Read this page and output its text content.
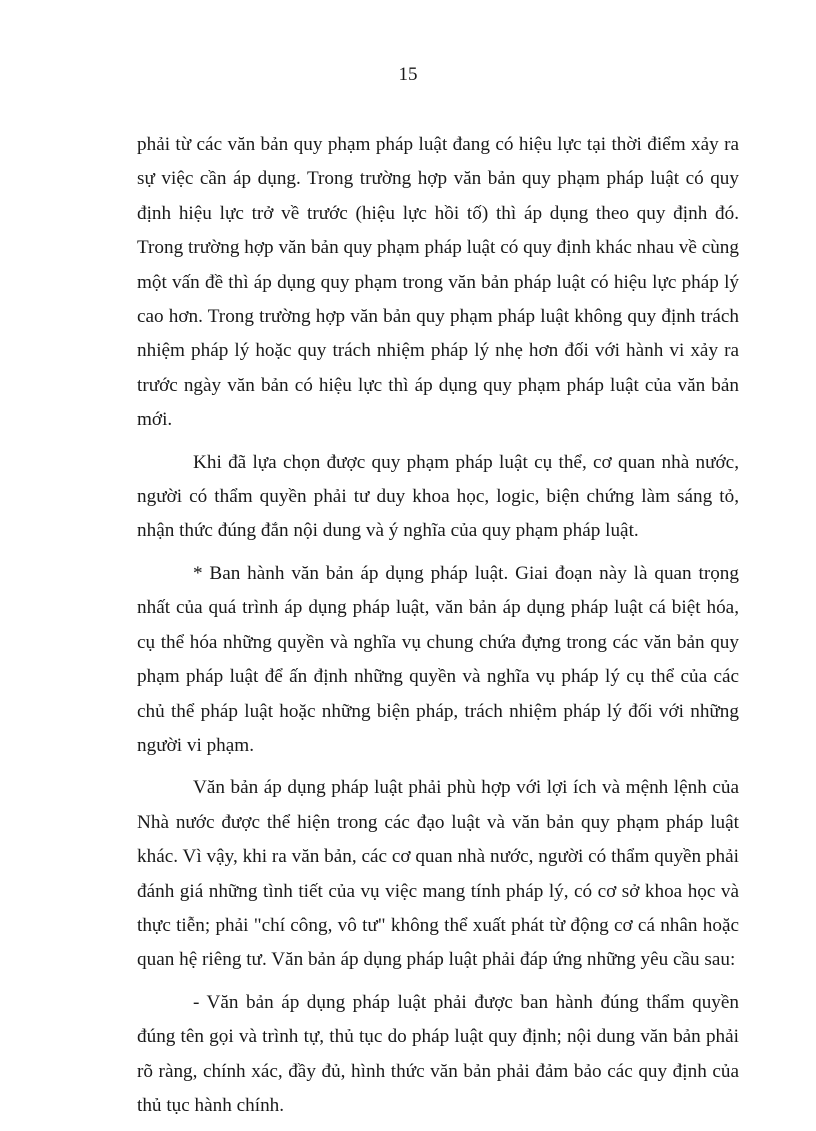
15

phải từ các văn bản quy phạm pháp luật đang có hiệu lực tại thời điểm xảy ra sự việc cần áp dụng. Trong trường hợp văn bản quy phạm pháp luật có quy định hiệu lực trở về trước (hiệu lực hồi tố) thì áp dụng theo quy định đó. Trong trường hợp văn bản quy phạm pháp luật có quy định khác nhau về cùng một vấn đề thì áp dụng quy phạm trong văn bản pháp luật có hiệu lực pháp lý cao hơn. Trong trường hợp văn bản quy phạm pháp luật không quy định trách nhiệm pháp lý hoặc quy trách nhiệm pháp lý nhẹ hơn đối với hành vi xảy ra trước ngày văn bản có hiệu lực thì áp dụng quy phạm pháp luật của văn bản mới.

Khi đã lựa chọn được quy phạm pháp luật cụ thể, cơ quan nhà nước, người có thẩm quyền phải tư duy khoa học, logic, biện chứng làm sáng tỏ, nhận thức đúng đắn nội dung và ý nghĩa của quy phạm pháp luật.

* Ban hành văn bản áp dụng pháp luật. Giai đoạn này là quan trọng nhất của quá trình áp dụng pháp luật, văn bản áp dụng pháp luật cá biệt hóa, cụ thể hóa những quyền và nghĩa vụ chung chứa đựng trong các văn bản quy phạm pháp luật để ấn định những quyền và nghĩa vụ pháp lý cụ thể của các chủ thể pháp luật hoặc những biện pháp, trách nhiệm pháp lý đối với những người vi phạm.

Văn bản áp dụng pháp luật phải phù hợp với lợi ích và mệnh lệnh của Nhà nước được thể hiện trong các đạo luật và văn bản quy phạm pháp luật khác. Vì vậy, khi ra văn bản, các cơ quan nhà nước, người có thẩm quyền phải đánh giá những tình tiết của vụ việc mang tính pháp lý, có cơ sở khoa học và thực tiễn; phải "chí công, vô tư" không thể xuất phát từ động cơ cá nhân hoặc quan hệ riêng tư. Văn bản áp dụng pháp luật phải đáp ứng những yêu cầu sau:

- Văn bản áp dụng pháp luật phải được ban hành đúng thẩm quyền đúng tên gọi và trình tự, thủ tục do pháp luật quy định; nội dung văn bản phải rõ ràng, chính xác, đầy đủ, hình thức văn bản phải đảm bảo các quy định của thủ tục hành chính.
